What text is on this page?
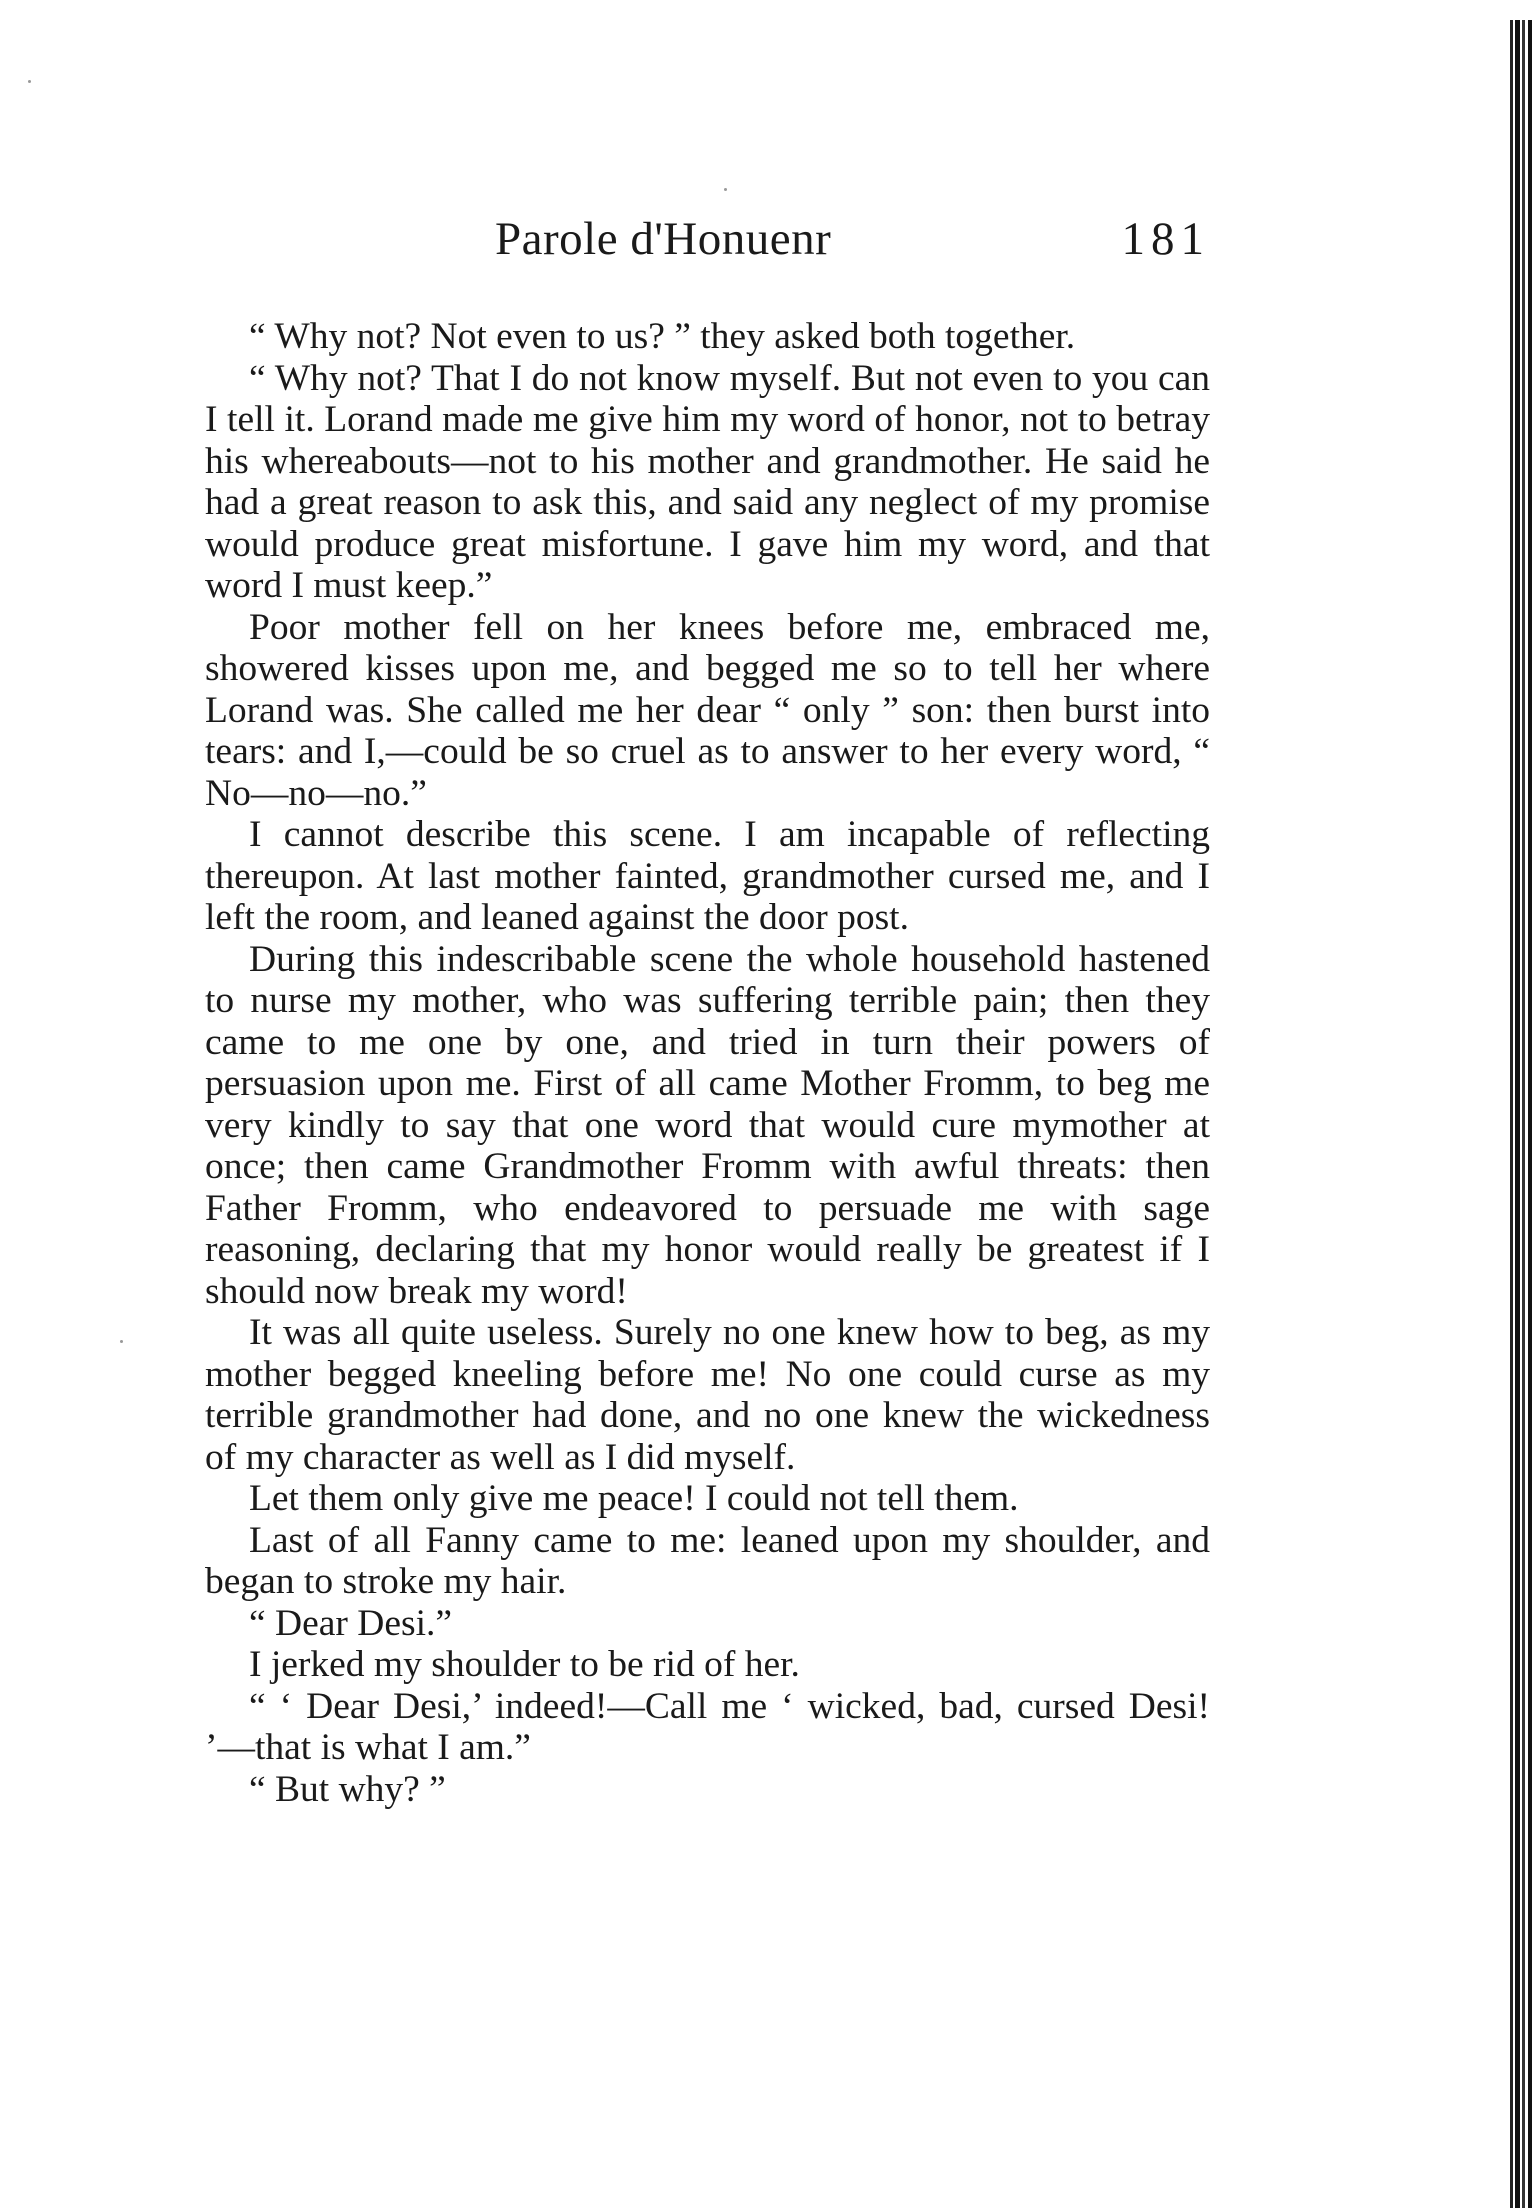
Parole d'Honuenr	181

“ Why not? Not even to us? ” they asked both together.

“ Why not? That I do not know myself. But not even to you can I tell it. Lorand made me give him my word of honor, not to betray his whereabouts—not to his mother and grandmother. He said he had a great reason to ask this, and said any neglect of my promise would produce great misfortune. I gave him my word, and that word I must keep.”

Poor mother fell on her knees before me, embraced me, showered kisses upon me, and begged me so to tell her where Lorand was. She called me her dear “ only ” son: then burst into tears: and I,—could be so cruel as to answer to her every word, “ No—no—no.”

I cannot describe this scene. I am incapable of reflecting thereupon. At last mother fainted, grandmother cursed me, and I left the room, and leaned against the door post.

During this indescribable scene the whole household hastened to nurse my mother, who was suffering terrible pain; then they came to me one by one, and tried in turn their powers of persuasion upon me. First of all came Mother Fromm, to beg me very kindly to say that one word that would cure mymother at once; then came Grandmother Fromm with awful threats: then Father Fromm, who endeavored to persuade me with sage reasoning, declaring that my honor would really be greatest if I should now break my word!

It was all quite useless. Surely no one knew how to beg, as my mother begged kneeling before me! No one could curse as my terrible grandmother had done, and no one knew the wickedness of my character as well as I did myself.

Let them only give me peace! I could not tell them.

Last of all Fanny came to me: leaned upon my shoulder, and began to stroke my hair.

“ Dear Desi.”

I jerked my shoulder to be rid of her.

“ ‘ Dear Desi,’ indeed!—Call me ‘ wicked, bad, cursed Desi! ’—that is what I am.”

“ But why? ”
